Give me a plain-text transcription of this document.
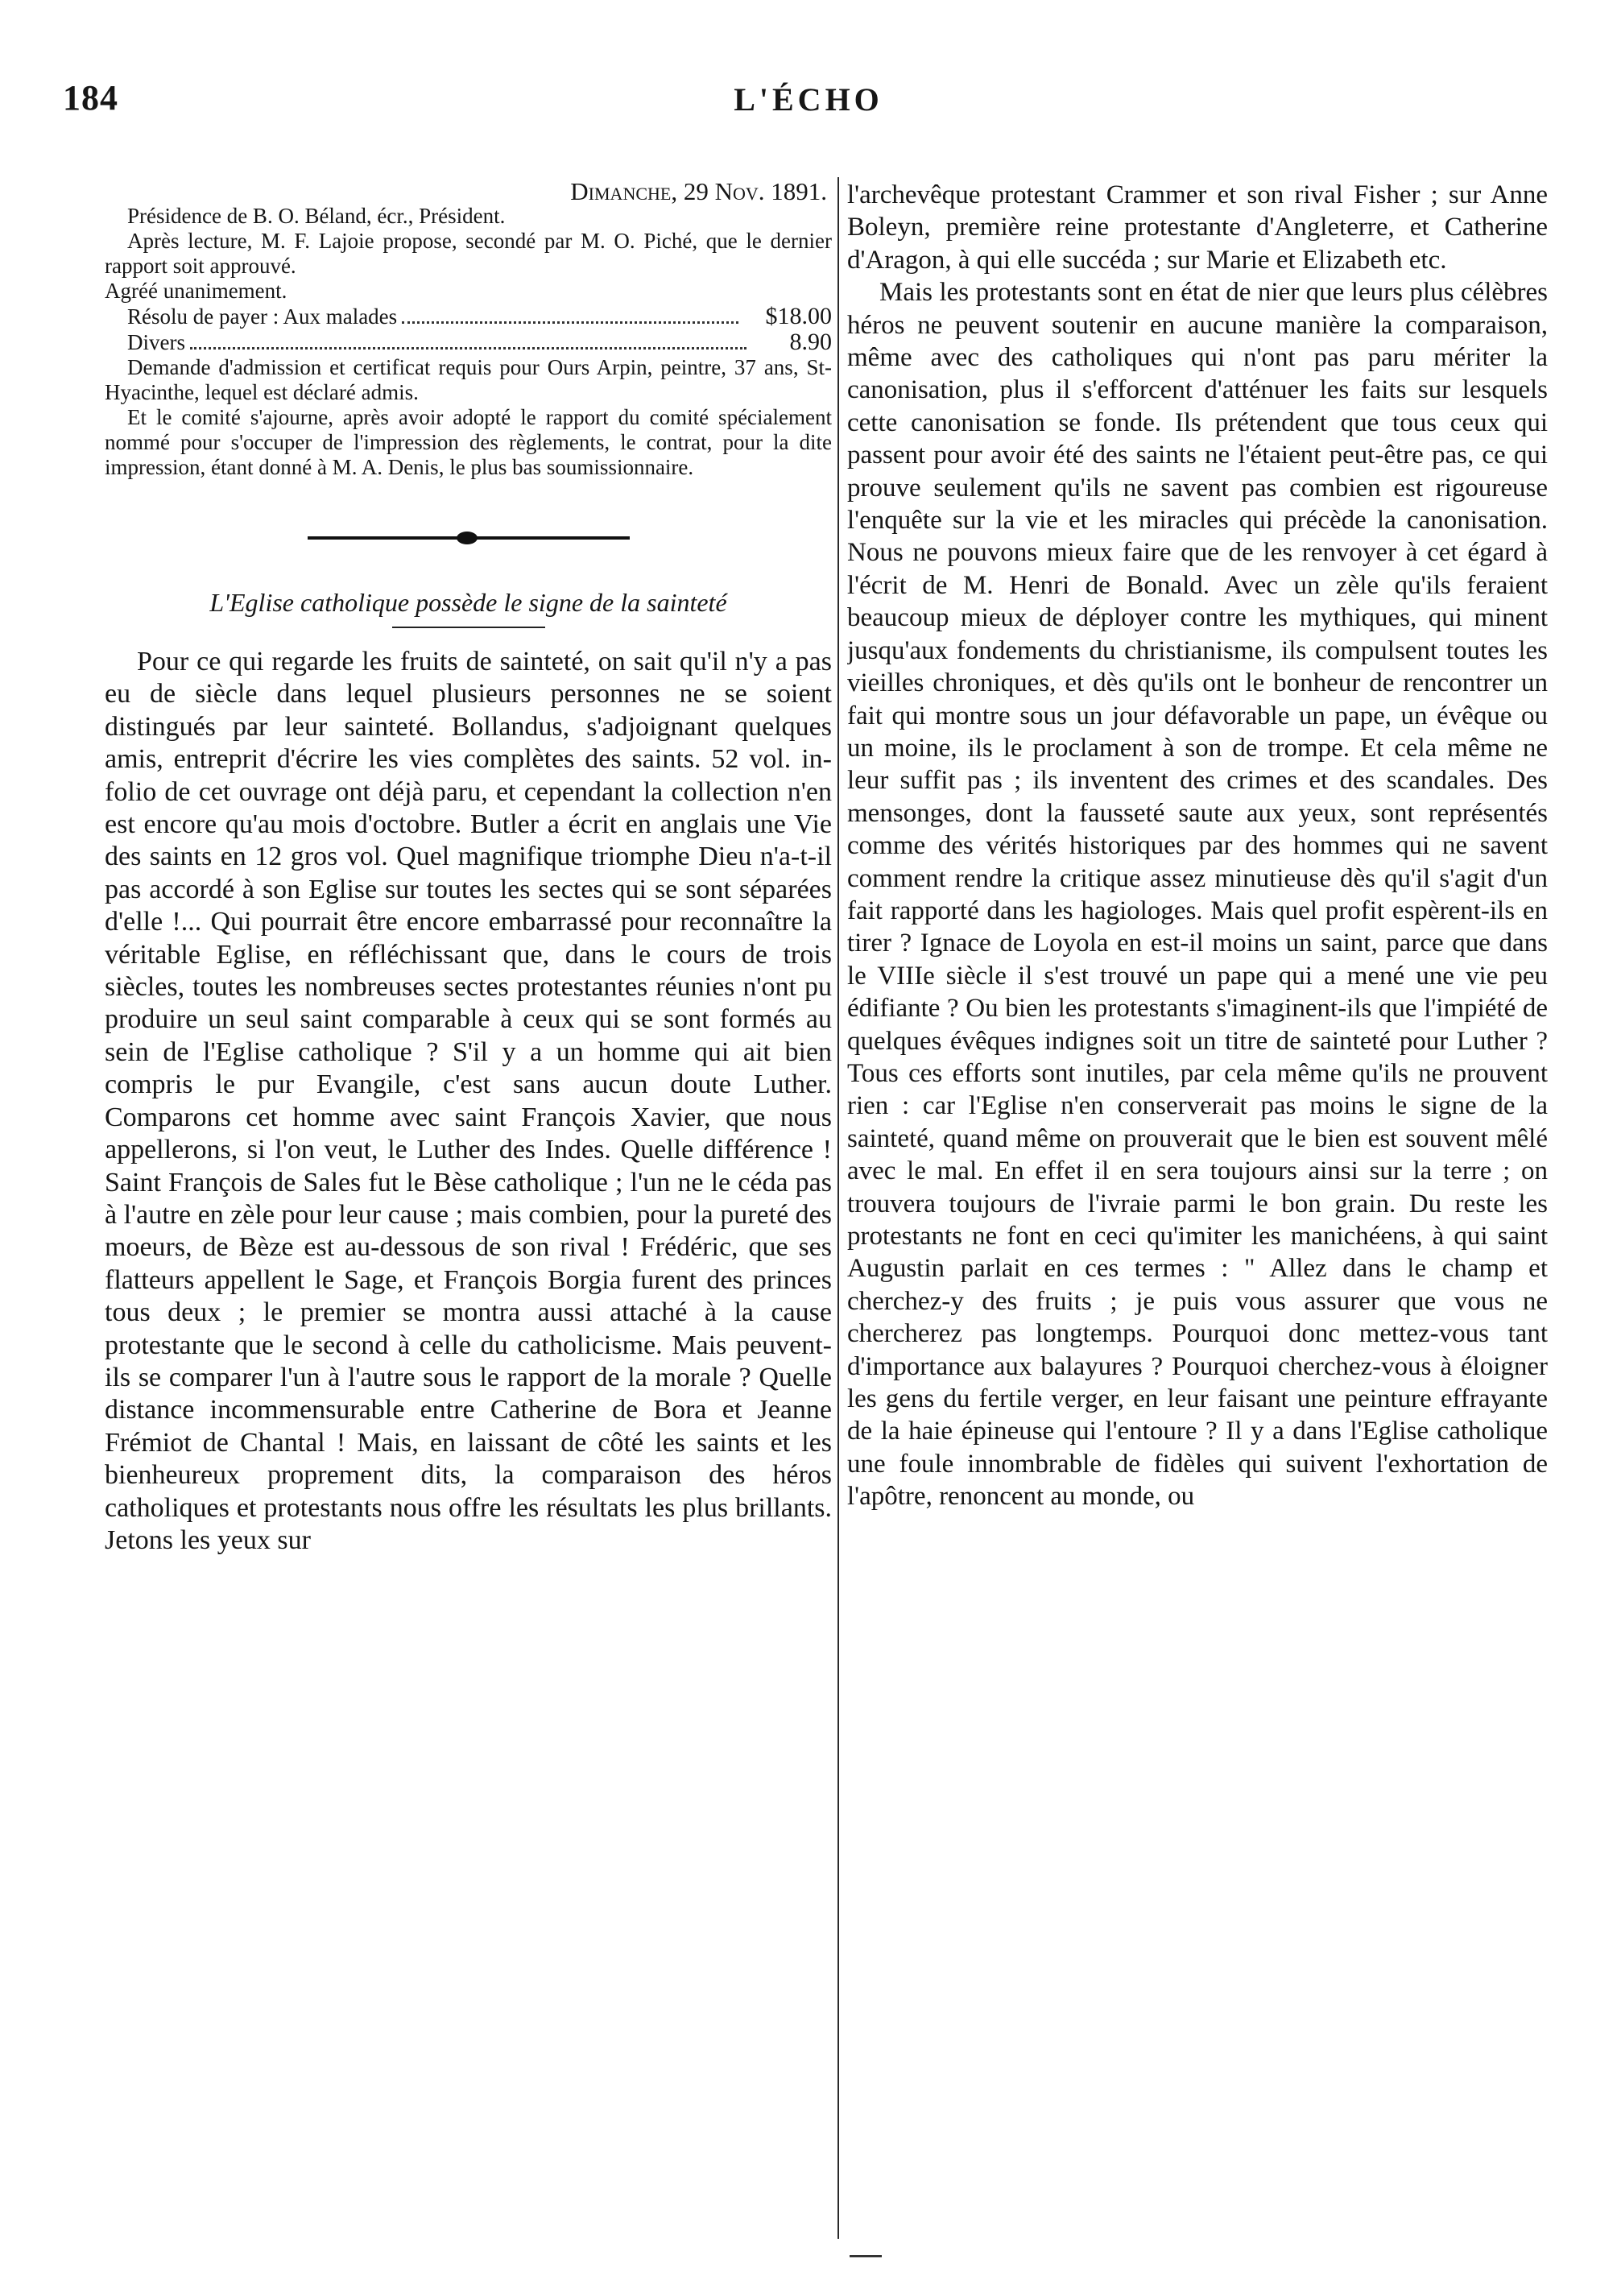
184	L'ÉCHO

Dimanche, 29 Nov. 1891.

Présidence de B. O. Béland, écr., Président.

Après lecture, M. F. Lajoie propose, secondé par M. O. Piché, que le dernier rapport soit approuvé.

Agréé unanimement.

Résolu de payer : Aux malades	$18.00

Divers	8.90

Demande d'admission et certificat requis pour Ours Arpin, peintre, 37 ans, St-Hyacinthe, lequel est déclaré admis.

Et le comité s'ajourne, après avoir adopté le rapport du comité spécialement nommé pour s'occuper de l'impression des règlements, le contrat, pour la dite impression, étant donné à M. A. Denis, le plus bas soumissionnaire.

L'Eglise catholique possède le signe de la sainteté

Pour ce qui regarde les fruits de sainteté, on sait qu'il n'y a pas eu de siècle dans lequel plusieurs personnes ne se soient distingués par leur sainteté. Bollandus, s'adjoignant quelques amis, entreprit d'écrire les vies complètes des saints. 52 vol. in-folio de cet ouvrage ont déjà paru, et cependant la collection n'en est encore qu'au mois d'octobre. Butler a écrit en anglais une Vie des saints en 12 gros vol. Quel magnifique triomphe Dieu n'a-t-il pas accordé à son Eglise sur toutes les sectes qui se sont séparées d'elle !... Qui pourrait être encore embarrassé pour reconnaître la véritable Eglise, en réfléchissant que, dans le cours de trois siècles, toutes les nombreuses sectes protestantes réunies n'ont pu produire un seul saint comparable à ceux qui se sont formés au sein de l'Eglise catholique ? S'il y a un homme qui ait bien compris le pur Evangile, c'est sans aucun doute Luther. Comparons cet homme avec saint François Xavier, que nous appellerons, si l'on veut, le Luther des Indes. Quelle différence ! Saint François de Sales fut le Bèse catholique ; l'un ne le céda pas à l'autre en zèle pour leur cause ; mais combien, pour la pureté des moeurs, de Bèze est au-dessous de son rival ! Frédéric, que ses flatteurs appellent le Sage, et François Borgia furent des princes tous deux ; le premier se montra aussi attaché à la cause protestante que le second à celle du catholicisme. Mais peuvent-ils se comparer l'un à l'autre sous le rapport de la morale ? Quelle distance incommensurable entre Catherine de Bora et Jeanne Frémiot de Chantal ! Mais, en laissant de côté les saints et les bienheureux proprement dits, la comparaison des héros catholiques et protestants nous offre les résultats les plus brillants. Jetons les yeux sur

l'archevêque protestant Crammer et son rival Fisher ; sur Anne Boleyn, première reine protestante d'Angleterre, et Catherine d'Aragon, à qui elle succéda ; sur Marie et Elizabeth etc.

Mais les protestants sont en état de nier que leurs plus célèbres héros ne peuvent soutenir en aucune manière la comparaison, même avec des catholiques qui n'ont pas paru mériter la canonisation, plus il s'efforcent d'atténuer les faits sur lesquels cette canonisation se fonde. Ils prétendent que tous ceux qui passent pour avoir été des saints ne l'étaient peut-être pas, ce qui prouve seulement qu'ils ne savent pas combien est rigoureuse l'enquête sur la vie et les miracles qui précède la canonisation. Nous ne pouvons mieux faire que de les renvoyer à cet égard à l'écrit de M. Henri de Bonald. Avec un zèle qu'ils feraient beaucoup mieux de déployer contre les mythiques, qui minent jusqu'aux fondements du christianisme, ils compulsent toutes les vieilles chroniques, et dès qu'ils ont le bonheur de rencontrer un fait qui montre sous un jour défavorable un pape, un évêque ou un moine, ils le proclament à son de trompe. Et cela même ne leur suffit pas ; ils inventent des crimes et des scandales. Des mensonges, dont la fausseté saute aux yeux, sont représentés comme des vérités historiques par des hommes qui ne savent comment rendre la critique assez minutieuse dès qu'il s'agit d'un fait rapporté dans les hagiologes. Mais quel profit espèrent-ils en tirer ? Ignace de Loyola en est-il moins un saint, parce que dans le VIIIe siècle il s'est trouvé un pape qui a mené une vie peu édifiante ? Ou bien les protestants s'imaginent-ils que l'impiété de quelques évêques indignes soit un titre de sainteté pour Luther ? Tous ces efforts sont inutiles, par cela même qu'ils ne prouvent rien : car l'Eglise n'en conserverait pas moins le signe de la sainteté, quand même on prouverait que le bien est souvent mêlé avec le mal. En effet il en sera toujours ainsi sur la terre ; on trouvera toujours de l'ivraie parmi le bon grain. Du reste les protestants ne font en ceci qu'imiter les manichéens, à qui saint Augustin parlait en ces termes : " Allez dans le champ et cherchez-y des fruits ; je puis vous assurer que vous ne chercherez pas longtemps. Pourquoi donc mettez-vous tant d'importance aux balayures ? Pourquoi cherchez-vous à éloigner les gens du fertile verger, en leur faisant une peinture effrayante de la haie épineuse qui l'entoure ? Il y a dans l'Eglise catholique une foule innombrable de fidèles qui suivent l'exhortation de l'apôtre, renoncent au monde, ou
